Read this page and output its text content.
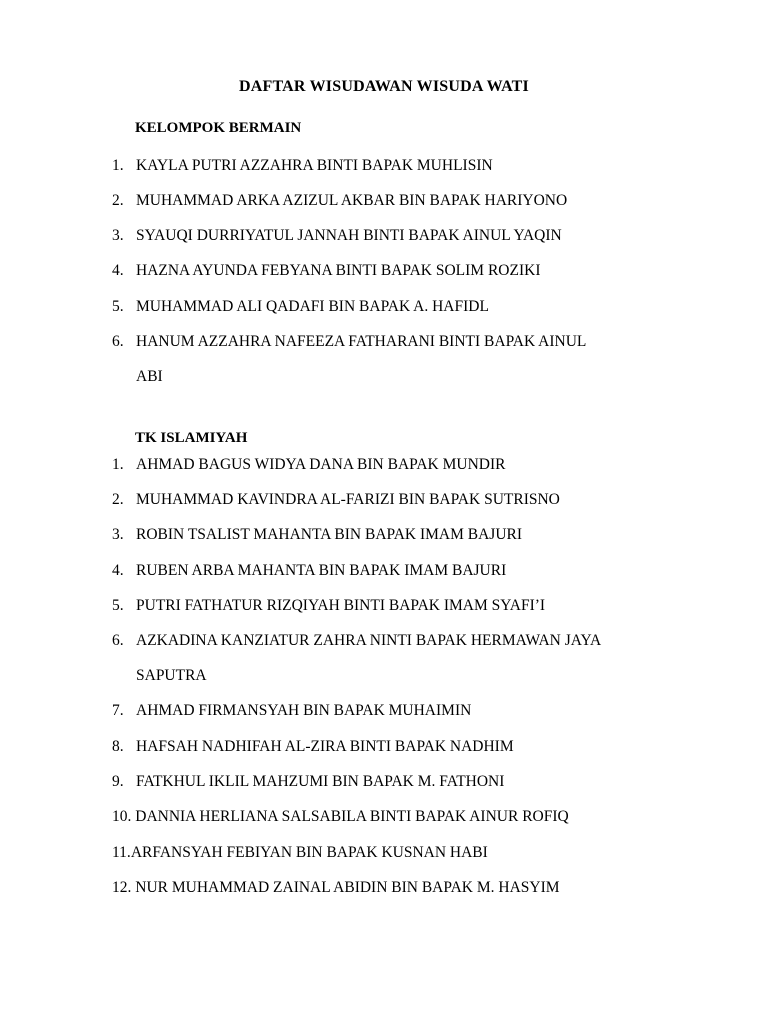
DAFTAR WISUDAWAN WISUDA WATI
KELOMPOK BERMAIN
1. KAYLA PUTRI AZZAHRA BINTI BAPAK MUHLISIN
2. MUHAMMAD ARKA AZIZUL AKBAR BIN BAPAK HARIYONO
3. SYAUQI DURRIYATUL JANNAH BINTI BAPAK AINUL YAQIN
4. HAZNA AYUNDA FEBYANA BINTI BAPAK SOLIM ROZIKI
5. MUHAMMAD ALI QADAFI BIN BAPAK A. HAFIDL
6. HANUM AZZAHRA NAFEEZA FATHARANI BINTI BAPAK AINUL
ABI
TK ISLAMIYAH
1. AHMAD BAGUS WIDYA DANA BIN BAPAK MUNDIR
2. MUHAMMAD KAVINDRA AL-FARIZI BIN BAPAK SUTRISNO
3. ROBIN TSALIST MAHANTA BIN BAPAK IMAM BAJURI
4. RUBEN ARBA MAHANTA BIN BAPAK IMAM BAJURI
5. PUTRI FATHATUR RIZQIYAH BINTI BAPAK IMAM SYAFI’I
6. AZKADINA KANZIATUR ZAHRA NINTI BAPAK HERMAWAN JAYA
SAPUTRA
7. AHMAD FIRMANSYAH BIN BAPAK MUHAIMIN
8. HAFSAH NADHIFAH AL-ZIRA BINTI BAPAK NADHIM
9. FATKHUL IKLIL MAHZUMI BIN BAPAK M. FATHONI
10. DANNIA HERLIANA SALSABILA BINTI BAPAK AINUR ROFIQ
11.ARFANSYAH FEBIYAN BIN BAPAK KUSNAN HABI
12. NUR MUHAMMAD ZAINAL ABIDIN BIN BAPAK M. HASYIM
